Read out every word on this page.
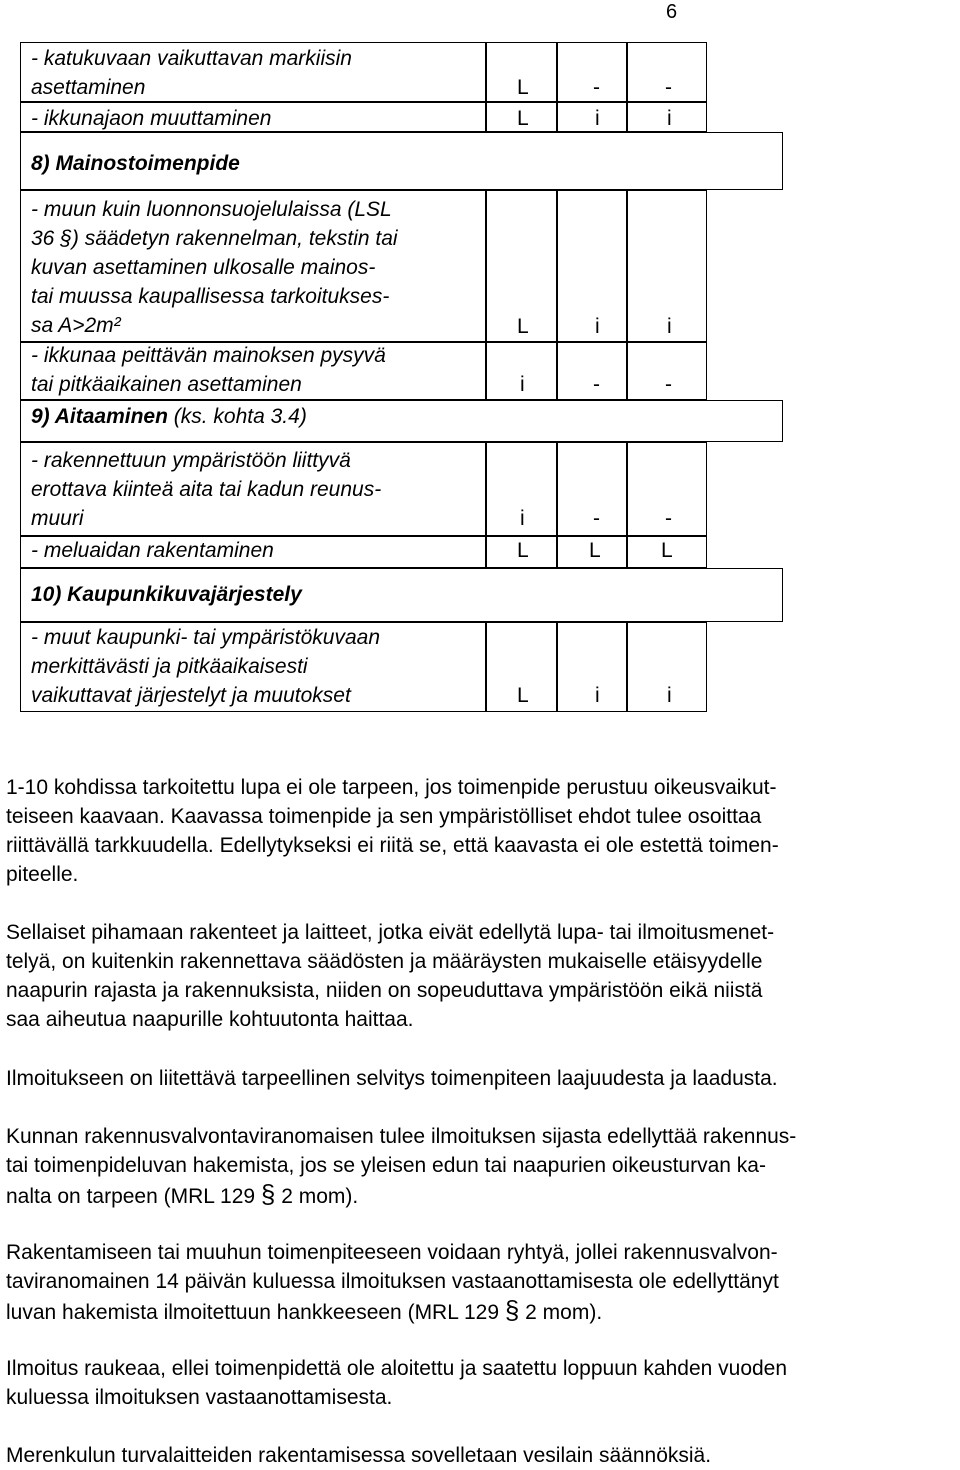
6
- katukuvaan vaikuttavan markiisin
asettaminen	L	-	-
- ikkunajaon muuttaminen	L	i	i
8) Mainostoimenpide
- muun kuin luonnonsuojelulaissa (LSL
36 §) säädetyn rakennelman, tekstin tai
kuvan asettaminen ulkosalle mainos-
tai muussa kaupallisessa tarkoitukses-
sa A>2m²	L	i	i
- ikkunaa peittävän mainoksen pysyvä
tai pitkäaikainen asettaminen	i	-	-
9) Aitaaminen (ks. kohta 3.4)
- rakennettuun ympäristöön liittyvä
erottava kiinteä aita tai kadun reunus-
muuri	i	-	-
- meluaidan rakentaminen	L	L	L
10) Kaupunkikuvajärjestely
- muut kaupunki- tai ympäristökuvaan
merkittävästi ja pitkäaikaisesti
vaikuttavat järjestelyt ja muutokset	L	i	i
1-10 kohdissa tarkoitettu lupa ei ole tarpeen, jos toimenpide perustuu oikeusvaikut-
teiseen kaavaan. Kaavassa toimenpide ja sen ympäristölliset ehdot tulee osoittaa
riittävällä tarkkuudella. Edellytykseksi ei riitä se, että kaavasta ei ole estettä toimen-
piteelle.
Sellaiset pihamaan rakenteet ja laitteet, jotka eivät edellytä lupa- tai ilmoitusmenet-
telyä, on kuitenkin rakennettava säädösten ja määräysten mukaiselle etäisyydelle
naapurin rajasta ja rakennuksista, niiden on sopeuduttava ympäristöön eikä niistä
saa aiheutua naapurille kohtuutonta haittaa.
Ilmoitukseen on liitettävä tarpeellinen selvitys toimenpiteen laajuudesta ja laadusta.
Kunnan rakennusvalvontaviranomaisen tulee ilmoituksen sijasta edellyttää rakennus-
tai toimenpideluvan hakemista, jos se yleisen edun tai naapurien oikeusturvan ka-
nalta on tarpeen (MRL 129 § 2 mom).
Rakentamiseen tai muuhun toimenpiteeseen voidaan ryhtyä, jollei rakennusvalvon-
taviranomainen 14 päivän kuluessa ilmoituksen vastaanottamisesta ole edellyttänyt
luvan hakemista ilmoitettuun hankkeeseen (MRL 129 § 2 mom).
Ilmoitus raukeaa, ellei toimenpidettä ole aloitettu ja saatettu loppuun kahden vuoden
kuluessa ilmoituksen vastaanottamisesta.
Merenkulun turvalaitteiden rakentamisessa sovelletaan vesilain säännöksiä.
